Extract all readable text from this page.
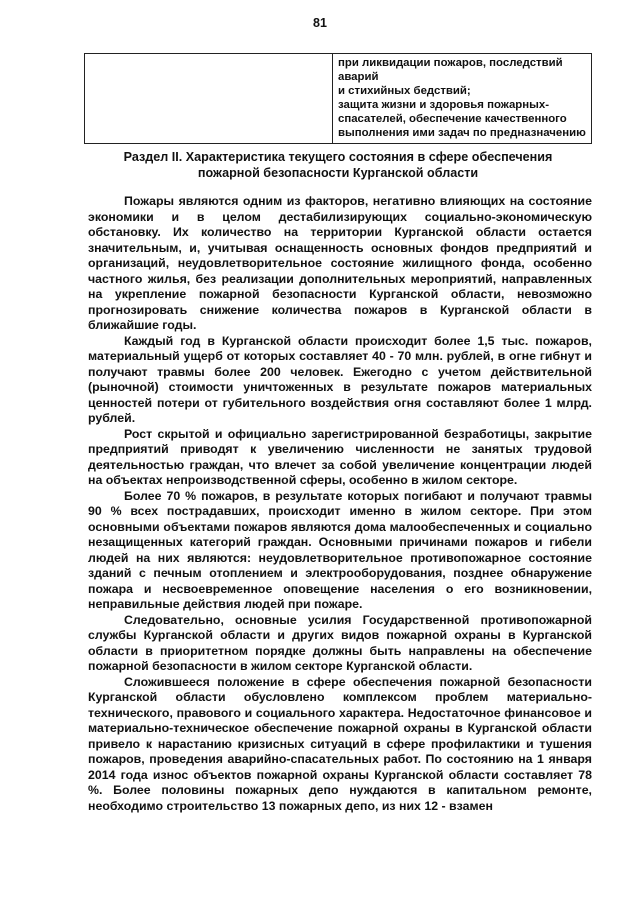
81

при ликвидации пожаров, последствий аварий
и стихийных бедствий;
защита жизни и здоровья пожарных-
спасателей, обеспечение качественного
выполнения ими задач по предназначению
Раздел II. Характеристика текущего состояния в сфере обеспечения
пожарной безопасности Курганской области

Пожары являются одним из факторов, негативно влияющих на состояние экономики и в целом дестабилизирующих социально-экономическую обстановку. Их количество на территории Курганской области остается значительным, и, учитывая оснащенность основных фондов предприятий и организаций, неудовлетворительное состояние жилищного фонда, особенно частного жилья, без реализации дополнительных мероприятий, направленных на укрепление пожарной безопасности Курганской области, невозможно прогнозировать снижение количества пожаров в Курганской области в ближайшие годы.

Каждый год в Курганской области происходит более 1,5 тыс. пожаров, материальный ущерб от которых составляет 40 - 70 млн. рублей, в огне гибнут и получают травмы более 200 человек. Ежегодно с учетом действительной (рыночной) стоимости уничтоженных в результате пожаров материальных ценностей потери от губительного воздействия огня составляют более 1 млрд. рублей.

Рост скрытой и официально зарегистрированной безработицы, закрытие предприятий приводят к увеличению численности не занятых трудовой деятельностью граждан, что влечет за собой увеличение концентрации людей на объектах непроизводственной сферы, особенно в жилом секторе.

Более 70 % пожаров, в результате которых погибают и получают травмы 90 % всех пострадавших, происходит именно в жилом секторе. При этом основными объектами пожаров являются дома малообеспеченных и социально незащищенных категорий граждан. Основными причинами пожаров и гибели людей на них являются: неудовлетворительное противопожарное состояние зданий с печным отоплением и электрооборудования, позднее обнаружение пожара и несвоевременное оповещение населения о его возникновении, неправильные действия людей при пожаре.

Следовательно, основные усилия Государственной противопожарной службы Курганской области и других видов пожарной охраны в Курганской области в приоритетном порядке должны быть направлены на обеспечение пожарной безопасности в жилом секторе Курганской области.

Сложившееся положение в сфере обеспечения пожарной безопасности Курганской области обусловлено комплексом проблем материально-технического, правового и социального характера. Недостаточное финансовое и материально-техническое обеспечение пожарной охраны в Курганской области привело к нарастанию кризисных ситуаций в сфере профилактики и тушения пожаров, проведения аварийно-спасательных работ. По состоянию на 1 января 2014 года износ объектов пожарной охраны Курганской области составляет 78 %. Более половины пожарных депо нуждаются в капитальном ремонте, необходимо строительство 13 пожарных депо, из них 12 - взамен
